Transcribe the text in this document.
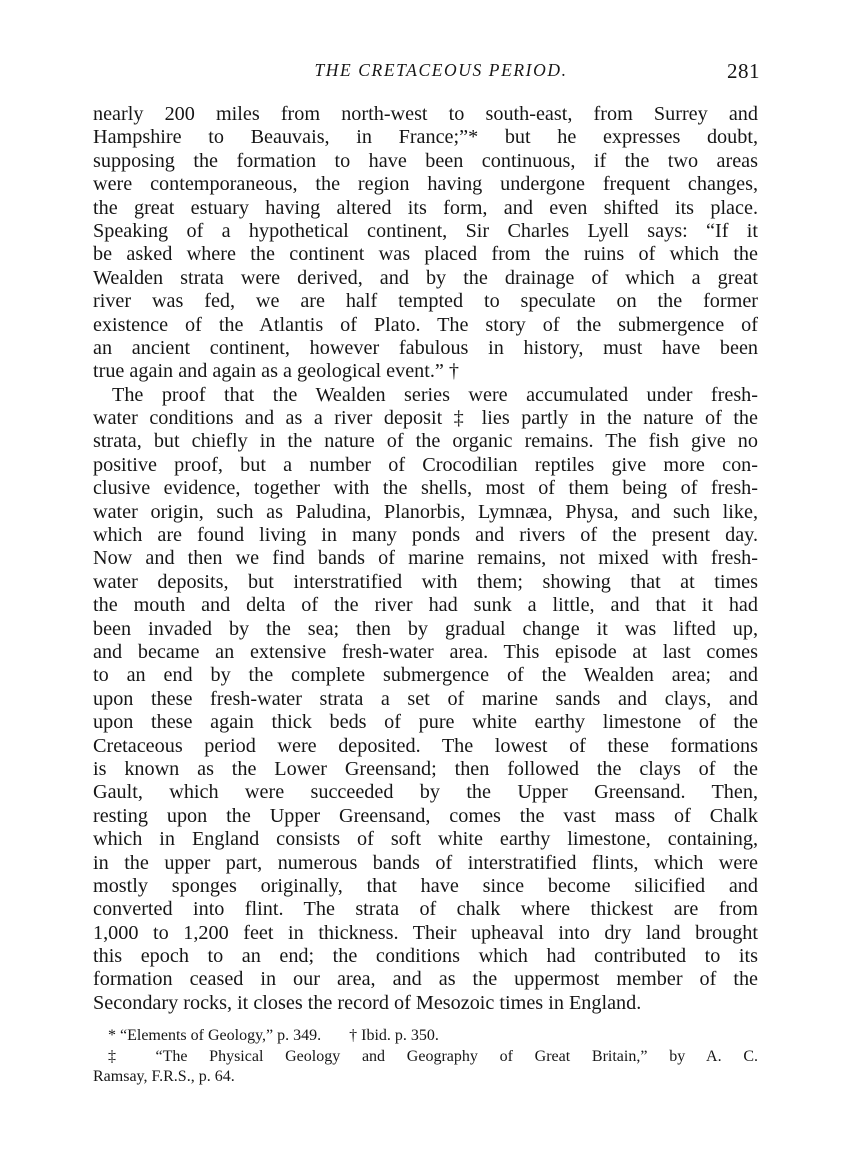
THE CRETACEOUS PERIOD.	281
nearly 200 miles from north-west to south-east, from Surrey and
Hampshire to Beauvais, in France;”* but he expresses doubt,
supposing the formation to have been continuous, if the two areas
were contemporaneous, the region having undergone frequent changes,
the great estuary having altered its form, and even shifted its place.
Speaking of a hypothetical continent, Sir Charles Lyell says: “If it
be asked where the continent was placed from the ruins of which the
Wealden strata were derived, and by the drainage of which a great
river was fed, we are half tempted to speculate on the former
existence of the Atlantis of Plato. The story of the submergence of
an ancient continent, however fabulous in history, must have been
true again and again as a geological event.” †
The proof that the Wealden series were accumulated under fresh-
water conditions and as a river deposit ‡ lies partly in the nature of the
strata, but chiefly in the nature of the organic remains. The fish give no
positive proof, but a number of Crocodilian reptiles give more con-
clusive evidence, together with the shells, most of them being of fresh-
water origin, such as Paludina, Planorbis, Lymnæa, Physa, and such like,
which are found living in many ponds and rivers of the present day.
Now and then we find bands of marine remains, not mixed with fresh-
water deposits, but interstratified with them; showing that at times
the mouth and delta of the river had sunk a little, and that it had
been invaded by the sea; then by gradual change it was lifted up,
and became an extensive fresh-water area. This episode at last comes
to an end by the complete submergence of the Wealden area; and
upon these fresh-water strata a set of marine sands and clays, and
upon these again thick beds of pure white earthy limestone of the
Cretaceous period were deposited. The lowest of these formations
is known as the Lower Greensand; then followed the clays of the
Gault, which were succeeded by the Upper Greensand. Then,
resting upon the Upper Greensand, comes the vast mass of Chalk
which in England consists of soft white earthy limestone, containing,
in the upper part, numerous bands of interstratified flints, which were
mostly sponges originally, that have since become silicified and
converted into flint. The strata of chalk where thickest are from
1,000 to 1,200 feet in thickness. Their upheaval into dry land brought
this epoch to an end; the conditions which had contributed to its
formation ceased in our area, and as the uppermost member of the
Secondary rocks, it closes the record of Mesozoic times in England.
* “Elements of Geology,” p. 349. † Ibid. p. 350.
‡ “The Physical Geology and Geography of Great Britain,” by A. C.
Ramsay, F.R.S., p. 64.
